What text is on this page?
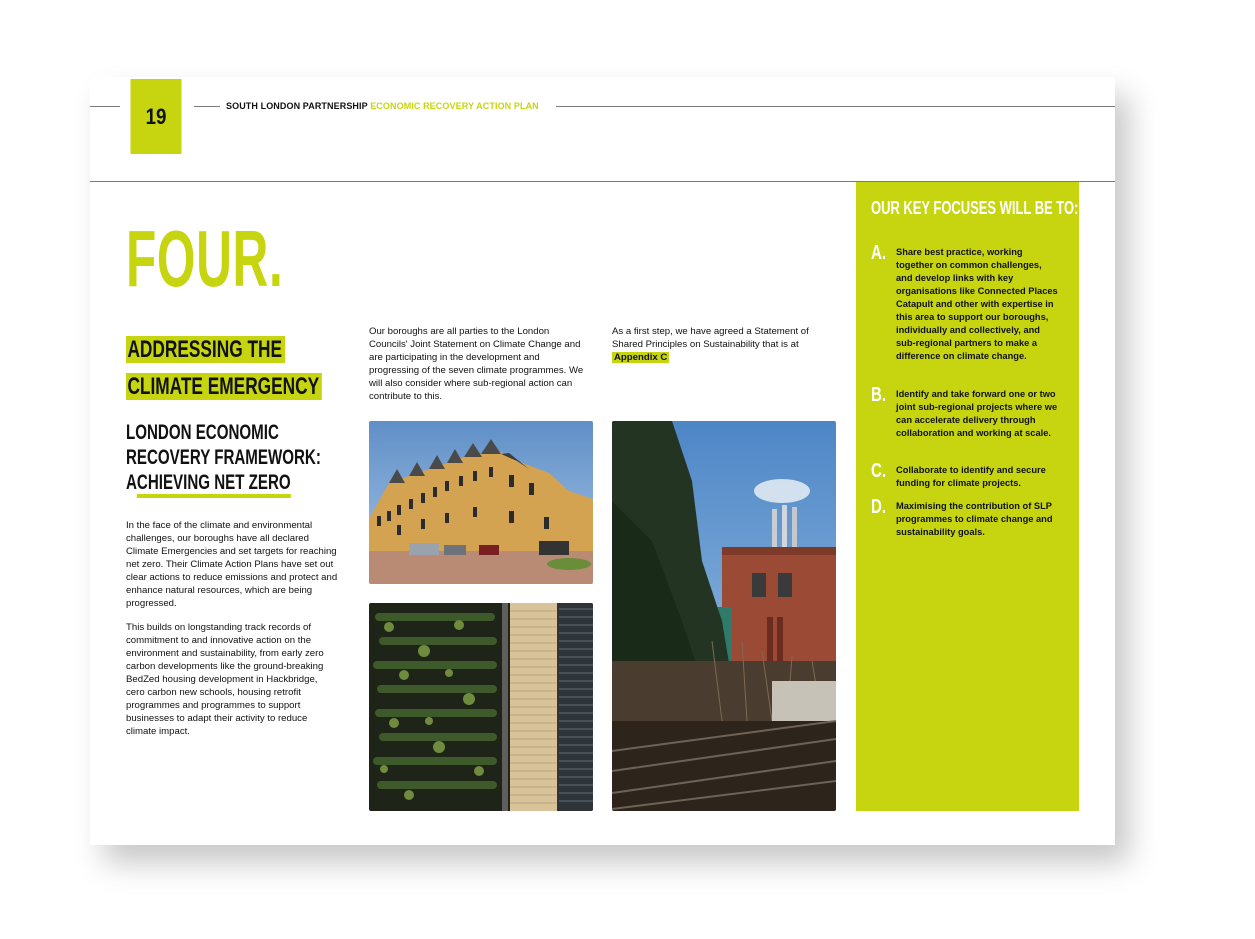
19	SOUTH LONDON PARTNERSHIP ECONOMIC RECOVERY ACTION PLAN
FOUR.
ADDRESSING THE
CLIMATE EMERGENCY
LONDON ECONOMIC
RECOVERY FRAMEWORK:
ACHIEVING NET ZERO
In the face of the climate and environmental challenges, our boroughs have all declared Climate Emergencies and set targets for reaching net zero. Their Climate Action Plans have set out clear actions to reduce emissions and protect and enhance natural resources, which are being progressed.
This builds on longstanding track records of commitment to and innovative action on the environment and sustainability, from early zero carbon developments like the ground-breaking BedZed housing development in Hackbridge, cero carbon new schools, housing retrofit programmes and programmes to support businesses to adapt their activity to reduce climate impact.
Our boroughs are all parties to the London Councils' Joint Statement on Climate Change and are participating in the development and progressing of the seven climate programmes. We will also consider where sub-regional action can contribute to this.
As a first step, we have agreed a Statement of Shared Principles on Sustainability that is at Appendix C
OUR KEY FOCUSES WILL BE TO:
A. Share best practice, working together on common challenges, and develop links with key organisations like Connected Places Catapult and other with expertise in this area to support our boroughs, individually and collectively, and sub-regional partners to make a difference on climate change.
B. Identify and take forward one or two joint sub-regional projects where we can accelerate delivery through collaboration and working at scale.
C. Collaborate to identify and secure funding for climate projects.
D. Maximising the contribution of SLP programmes to climate change and sustainability goals.
